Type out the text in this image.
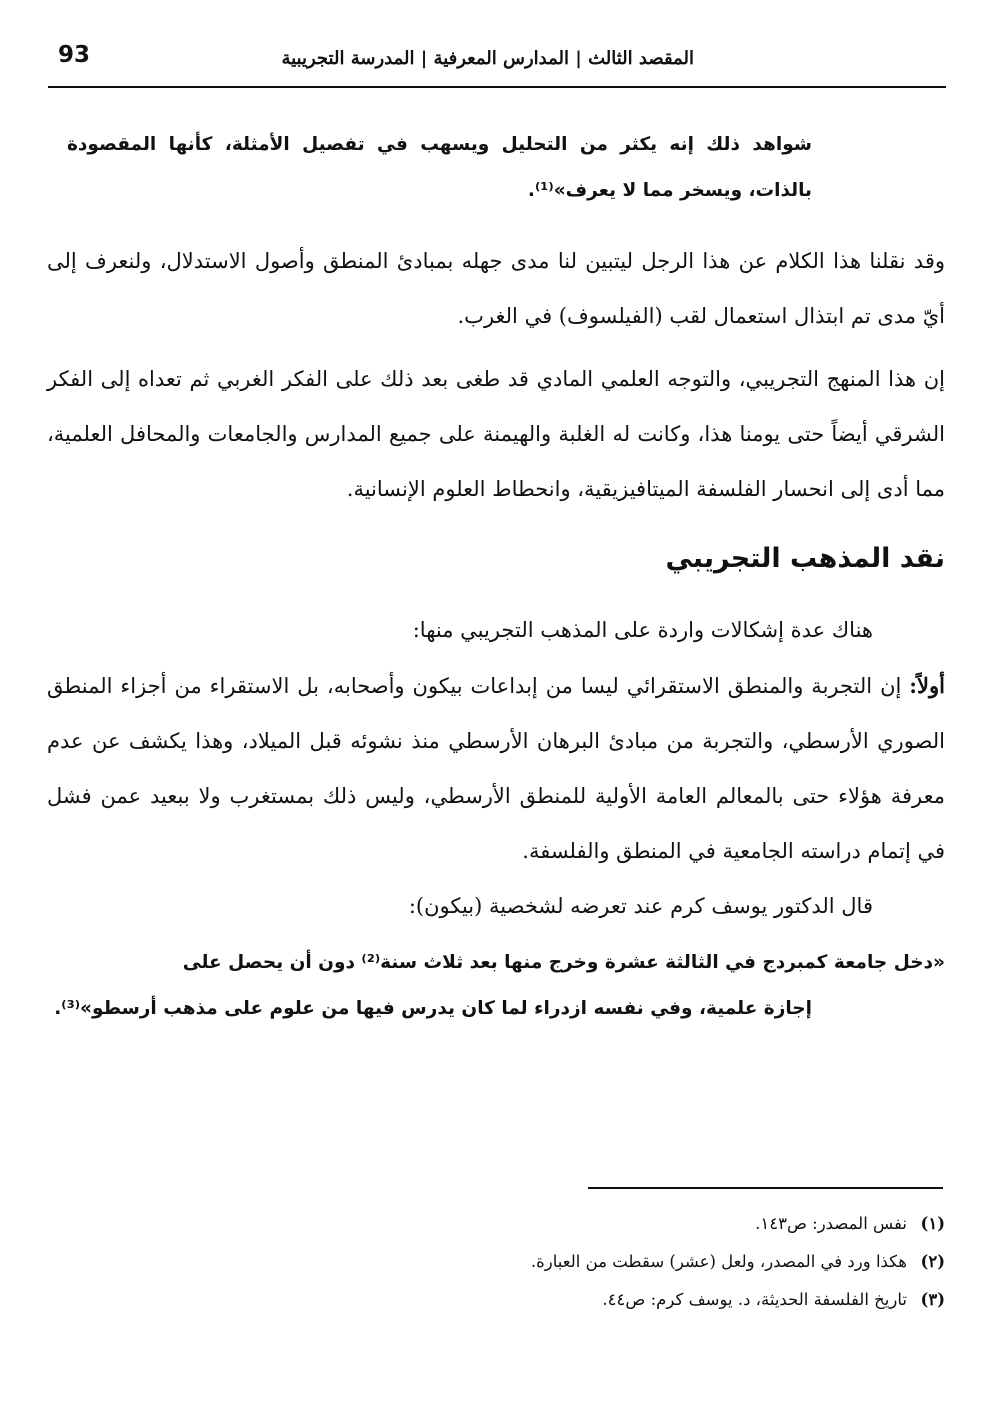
93	المقصد الثالث | المدارس المعرفية | المدرسة التجريبية

شواهد ذلك إنه يكثر من التحليل ويسهب في تفصيل الأمثلة، كأنها المقصودة بالذات، ويسخر مما لا يعرف»⁽¹⁾.

وقد نقلنا هذا الكلام عن هذا الرجل ليتبين لنا مدى جهله بمبادئ المنطق وأصول الاستدلال، ولنعرف إلى أيّ مدى تم ابتذال استعمال لقب (الفيلسوف) في الغرب.

إن هذا المنهج التجريبي، والتوجه العلمي المادي قد طغى بعد ذلك على الفكر الغربي ثم تعداه إلى الفكر الشرقي أيضاً حتى يومنا هذا، وكانت له الغلبة والهيمنة على جميع المدارس والجامعات والمحافل العلمية، مما أدى إلى انحسار الفلسفة الميتافيزيقية، وانحطاط العلوم الإنسانية.

نقد المذهب التجريبي

هناك عدة إشكالات واردة على المذهب التجريبي منها:

أولاً: إن التجربة والمنطق الاستقرائي ليسا من إبداعات بيكون وأصحابه، بل الاستقراء من أجزاء المنطق الصوري الأرسطي، والتجربة من مبادئ البرهان الأرسطي منذ نشوئه قبل الميلاد، وهذا يكشف عن عدم معرفة هؤلاء حتى بالمعالم العامة الأولية للمنطق الأرسطي، وليس ذلك بمستغرب ولا ببعيد عمن فشل في إتمام دراسته الجامعية في المنطق والفلسفة.

قال الدكتور يوسف كرم عند تعرضه لشخصية (بيكون):

«دخل جامعة كمبردج في الثالثة عشرة وخرج منها بعد ثلاث سنة⁽²⁾ دون أن يحصل على
إجازة علمية، وفي نفسه ازدراء لما كان يدرس فيها من علوم على مذهب أرسطو»⁽³⁾.

(١)نفس المصدر: ص١٤٣.

(٢)هكذا ورد في المصدر، ولعل (عشر) سقطت من العبارة.

(٣)تاريخ الفلسفة الحديثة، د. يوسف كرم: ص٤٤.
